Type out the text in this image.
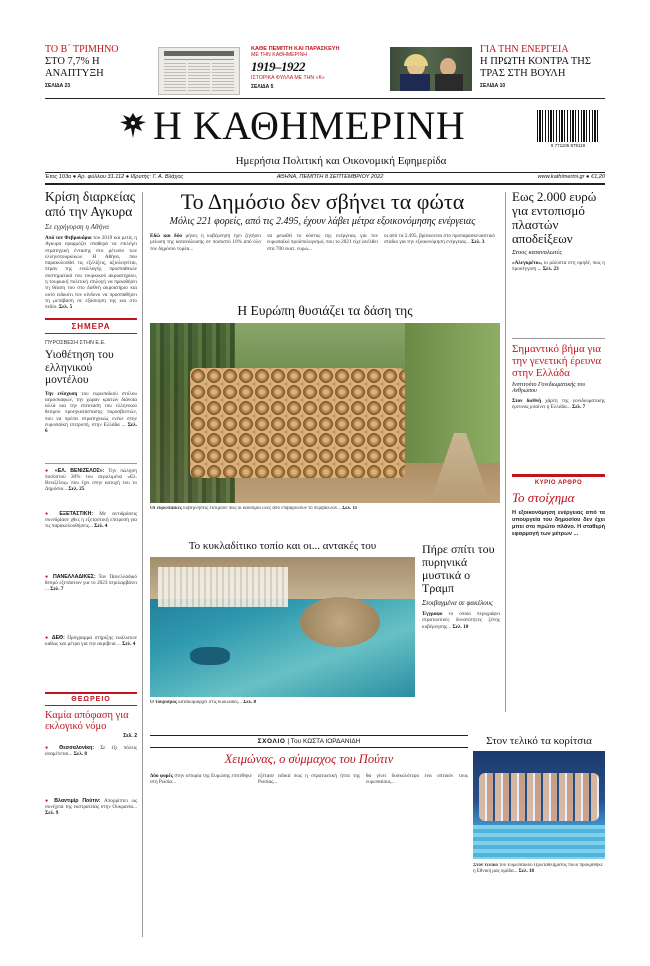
ΤΟ Β΄ ΤΡΙΜΗΝΟ
ΣΤΟ 7,7% Η ΑΝΑΠΤΥΞΗ
ΣΕΛΙΔΑ 23
ΚΑΘΕ ΠΕΜΠΤΗ ΚΑΙ ΠΑΡΑΣΚΕΥΗ
ΜΕ ΤΗΝ ΚΑΘΗΜΕΡΙΝΗ
1919–1922
ΙΣΤΟΡΙΚΑ ΦΥΛΛΑ ΜΕ ΤΗΝ «Κ»
ΣΕΛΙΔΑ 5
ΓΙΑ ΤΗΝ ΕΝΕΡΓΕΙΑ
Η ΠΡΩΤΗ ΚΟΝΤΡΑ ΤΗΣ ΤΡΑΣ ΣΤΗ ΒΟΥΛΗ
ΣΕΛΙΔΑ 10
Η ΚΑΘΗΜΕΡΙΝΗ
Ημερήσια Πολιτική και Οικονομική Εφημερίδα
9 771105 879119
Έτος 103ο ● Αρ. φύλλου 31.112 ● Ιδρυτής: Γ. Α. Βλάχος	ΑΘΗΝΑ, ΠΕΜΠΤΗ 8 ΣΕΠΤΕΜΒΡΙΟΥ 2022	www.kathimerini.gr ● €1,20
Κρίση διαρκείας από την Αγκυρα
Σε εγρήγορση η Αθήνα
Από τον Φεβρουάριο του 2019 και μετά, η Αγκυρα εφαρμόζει σταθερά να επιλέγει στρατηγική έντασης στο μέτωπο των ελληνοτουρκικών. Η Αθήνα, που παρακολουθεί τις εξελίξεις, αξιολογείται, πέραν της εναλλαγής προσπαθειών συστηματικά του τουρκικού ακροατηρίου, η τουρκική πολιτική επιλογή να προωθήσει τη θέαση του στο διεθνή ακροατήριο και ουτό ειδικότι τον κίνδυνο να προσπαθήσει τη μετάβαση σε εξάσκηση της και στο πεδίο. Σελ. 5
ΣΗΜΕΡΑ
ΠΥΡΟΣΒΕΣΗ ΣΤΗΝ Ε.Ε.
Υιοθέτηση του ελληνικού μοντέλου
Την ενίσχυση του ευρωπαϊκού στόλου αεροσκαφών, την χώραν κρατών διάνοια αλλά και την επέκταση του ελληνικού θεσμού προεγκατάστασης πυροσβεστών, που να πρέπει στρατηγικώς ενέκε στην ευρωπαϊκή επιτροπή, στην Ελλάδα ... Σελ. 6
● «ΕΛ. ΒΕΝΙΖΕΛΟΣ»: Την πώληση ποσοστού 30% του αερολιμένα «Ελ. Βενιζέλος» που έχει στην κατοχή του το Δημόσιο... Σελ. 25
● ΕΞΕΤΑΣΤΙΚΗ: Με αντιδράσεις συνεδρίασε χθες η εξεταστική επιτροπή για τις παρακολουθήσεις... Σελ. 4
● ΠΑΝΕΛΛΑΔΙΚΕΣ: Τον Πανελλαδικό θεσμό εξετάσεων για το 2023 περιλαμβάνει ... Σελ. 7
● ΔΕΘ: Πρόγραμμα στήριξης ευάλωτων καθώς και μέτρα για την ακρίβεια ... Σελ. 4
ΘΕΩΡΕΙΟ
Καμία απόφαση για εκλογικό νόμο
Σελ. 2
● Θεσσαλονίκη: Σε έξι πόλεις αναμένεται... Σελ. 8
● Βλαντιμίρ Πούτιν: Απορρίπτει ως συνέχεια της εκστρατείας στην Ουκρανία... Σελ. 9
Το Δημόσιο δεν σβήνει τα φώτα
Μόλις 221 φορείς, από τις 2.495, έχουν λάβει μέτρα εξοικονόμησης ενέργειας
Εδώ και δύο μήνες η κυβέρνηση έχει ζητήσει μείωση της κατανάλωσης σε ποσοστό 10% από όλο τον δημόσιο τομέα...
να μειωθεί το κόστος της ενέργειας για τον ευρωπαϊκό προϋπολογισμό, που το 2021 είχε ανέλθει στα 700 εκατ. ευρώ...
οι από τα 2.495, βρίσκονται στο προπαρασκευαστικό στάδιο για την εξοικονόμηση ενέργειας... Σελ. 3
Η Ευρώπη θυσιάζει τα δάση της
Οι ευρωπαϊκές κυβερνήσεις εκτιμούν πως οι καύσιμοι ύλες από επιβαρύνουν το περιβάλλον... Σελ. 11
Το κυκλαδίτικο τοπίο και οι... αντακές του
Ο τουρισμός κατακυριαρχεί στις Κυκλάδες... Σελ. 8
Πήρε σπίτι του πυρηνικά μυστικά ο Τραμπ
Στοιβαγμένα σε φακέλους
Έγγραφο το οποίο περιγράφει στρατιωτικές δυνατότητες ξένης κυβέρνησης... Σελ. 10
Εως 2.000 ευρώ για εντοπισμό πλαστών αποδείξεων
Στους καταναλωτές
«Αλεγκρέτο», κι μάλιστα στη ομηδέ, πως η προσέγγιση ... Σελ. 23
Σημαντικό βήμα για την γενετική έρευνα στην Ελλάδα
Ινστιτούτο Γονιδιωματικής του Ανθρώπου
Στον διεθνή χάρτη της γονιδιωματικής έρευνας μπαίνει η Ελλάδα... Σελ. 7
ΚΥΡΙΟ ΑΡΘΡΟ
Το στοίχημα
Η εξοικονόμηση ενέργειας από τα υπουργεία του δημοσίου δεν έχει μπει στο πρώτο πλάνο. Η σταθερή εφαρμογή των μέτρων ...
ΣΧΟΛΙΟ | Του ΚΩΣΤΑ ΙΟΡΔΑΝΙΔΗ
Χειμώνας, ο σύμμαχος του Πούτιν
Δύο φορές στην ιστορία της Ευρώπης επιτέθηκε στη Ρωσία...
εξέτασε ειδικά πως η στρατιωτική ήττα της Ρωσίας...
θα γίνει δυσκολότερο ένα οπτικόν τους ευρωπαίους...
Στον τελικό τα κορίτσια
Στον τελικό του Ευρωπαϊκού Πρωταθλήματος πόλο πρόκριθηκε η Εθνική μας ομάδα... Σελ. 18
